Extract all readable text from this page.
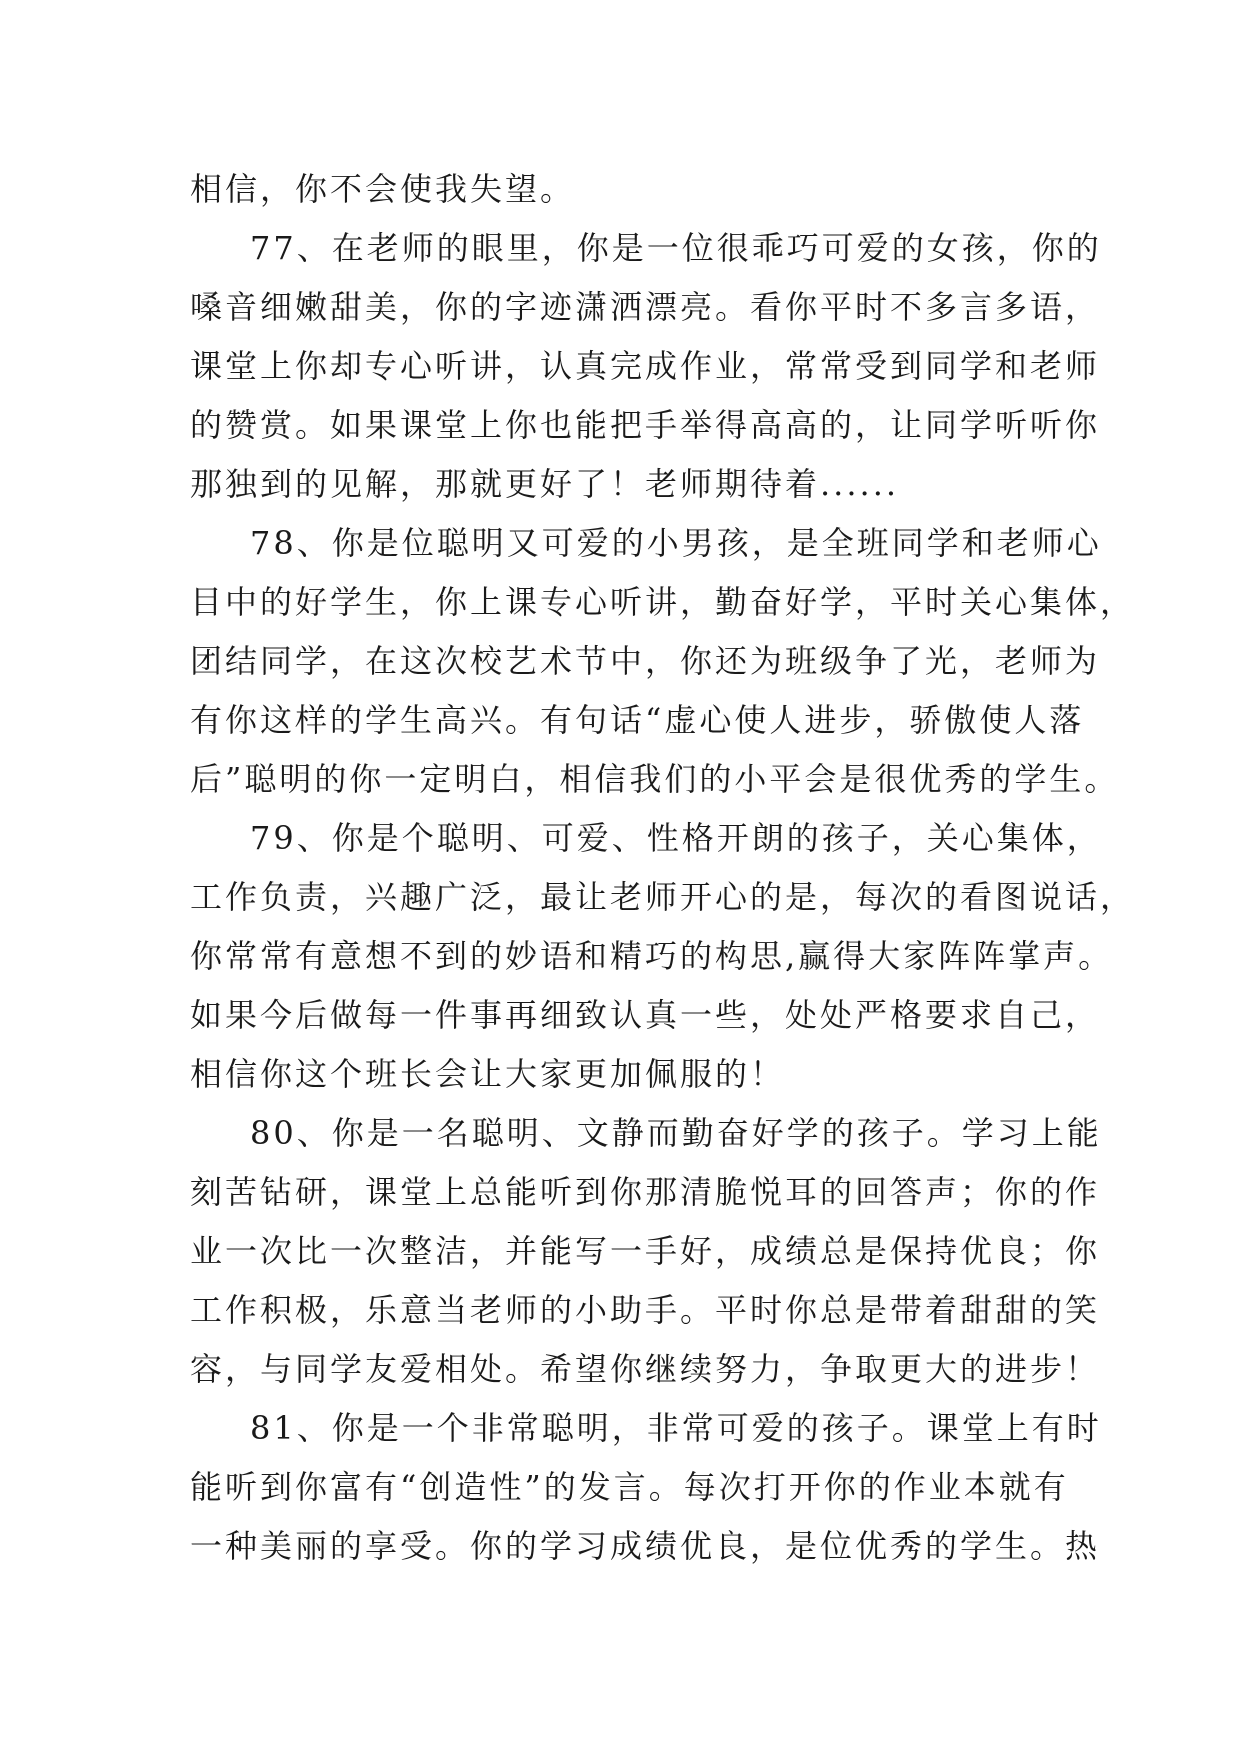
相信，你不会使我失望。
77、在老师的眼里，你是一位很乖巧可爱的女孩，你的
嗓音细嫩甜美，你的字迹潇洒漂亮。看你平时不多言多语，
课堂上你却专心听讲，认真完成作业，常常受到同学和老师
的赞赏。如果课堂上你也能把手举得高高的，让同学听听你
那独到的见解，那就更好了！老师期待着......
78、你是位聪明又可爱的小男孩，是全班同学和老师心
目中的好学生，你上课专心听讲，勤奋好学，平时关心集体，
团结同学，在这次校艺术节中，你还为班级争了光，老师为
有你这样的学生高兴。有句话“虚心使人进步，骄傲使人落
后”聪明的你一定明白，相信我们的小平会是很优秀的学生。
79、你是个聪明、可爱、性格开朗的孩子，关心集体，
工作负责，兴趣广泛，最让老师开心的是，每次的看图说话，
你常常有意想不到的妙语和精巧的构思,赢得大家阵阵掌声。
如果今后做每一件事再细致认真一些，处处严格要求自己，
相信你这个班长会让大家更加佩服的！
80、你是一名聪明、文静而勤奋好学的孩子。学习上能
刻苦钻研，课堂上总能听到你那清脆悦耳的回答声；你的作
业一次比一次整洁，并能写一手好，成绩总是保持优良；你
工作积极，乐意当老师的小助手。平时你总是带着甜甜的笑
容，与同学友爱相处。希望你继续努力，争取更大的进步！
81、你是一个非常聪明，非常可爱的孩子。课堂上有时
能听到你富有“创造性”的发言。每次打开你的作业本就有
一种美丽的享受。你的学习成绩优良，是位优秀的学生。热
